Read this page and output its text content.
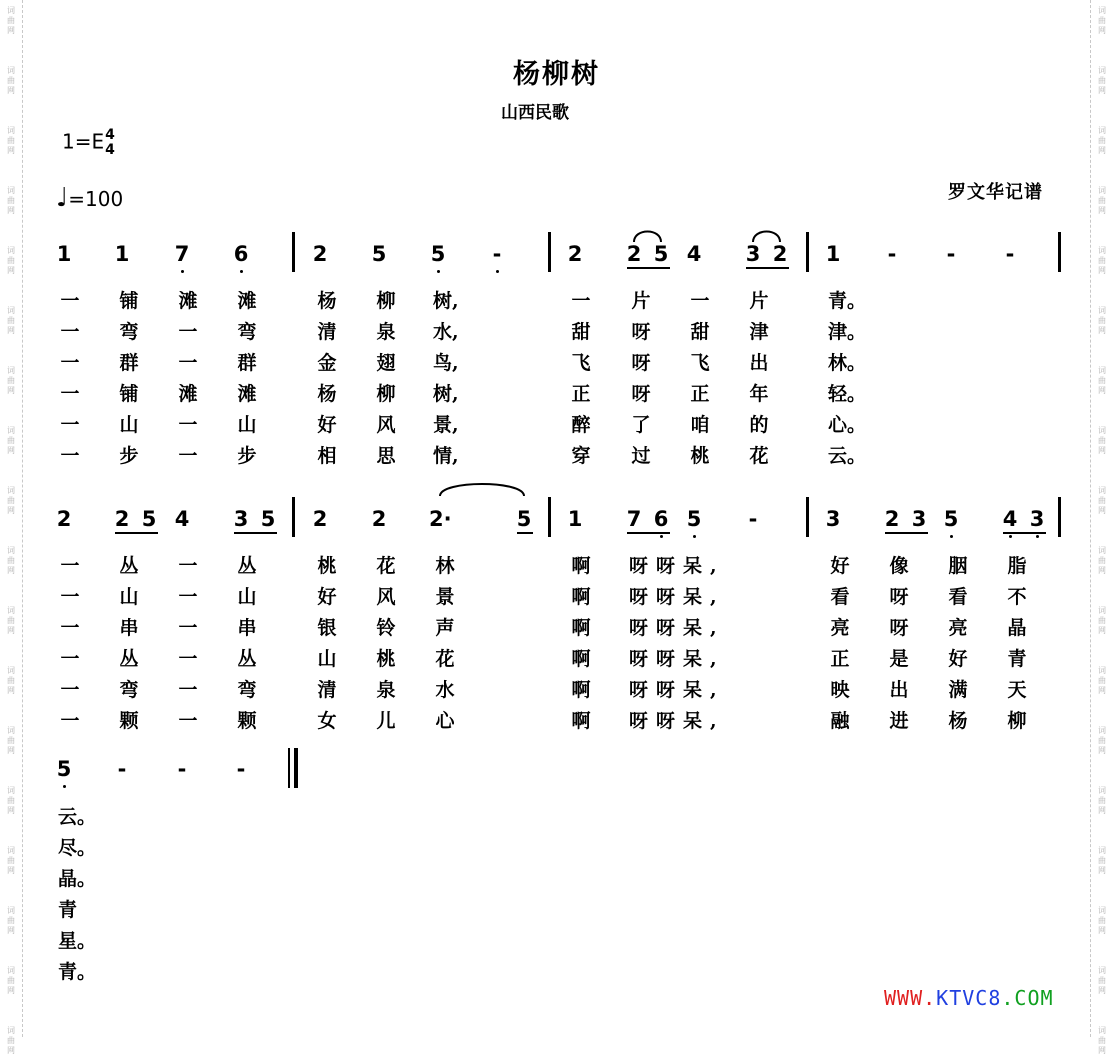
词
曲
网
词
曲
网
词
曲
网
词
曲
网
词
曲
网
词
曲
网
词
曲
网
词
曲
网
词
曲
网
词
曲
网
词
曲
网
词
曲
网
词
曲
网
词
曲
网
词
曲
网
词
曲
网
词
曲
网
词
曲
网
词
曲
网
词
曲
网
词
曲
网
词
曲
网
词
曲
网
词
曲
网
词
曲
网
词
曲
网
词
曲
网
词
曲
网
词
曲
网
词
曲
网
词
曲
网
词
曲
网
词
曲
网
词
曲
网
词
曲
网
词
曲
网
杨柳树
山西民歌
1=E4
4
♩=100	罗文华记谱
1 1 7 6	2 5 5 -	2 2 5 4 3 2 1 - - -
一 铺 滩 滩	杨 柳 树,	一 片 一 片	青。
一 弯 一 弯	清 泉 水,	甜 呀 甜 津	津。
一 群 一 群	金 翅 鸟,	飞 呀 飞 出	林。
一 铺 滩 滩	杨 柳 树,	正 呀 正 年	轻。
一 山 一 山	好 风 景,	醉 了 咱 的	心。
一 步 一 步	相 思 情,	穿 过 桃 花	云。
2 2 5 4 3 5 2 2 2·	5 1 7 6 5 -	3 2 3 5 4 3
一 丛 一 丛	桃 花 林	啊 呀呀呆,	好 像 胭 脂
一 山 一 山	好 风 景	啊 呀呀呆,	看 呀 看 不
一 串 一 串	银 铃 声	啊 呀呀呆,	亮 呀 亮 晶
一 丛 一 丛	山 桃 花	啊 呀呀呆,	正 是 好 青
一 弯 一 弯	清 泉 水	啊 呀呀呆,	映 出 满 天
一 颗 一 颗	女 儿 心	啊 呀呀呆,	融 进 杨 柳
5 - - -
云。
尽。
晶。
青
星。
青。
WWW.KTVC8.COM
